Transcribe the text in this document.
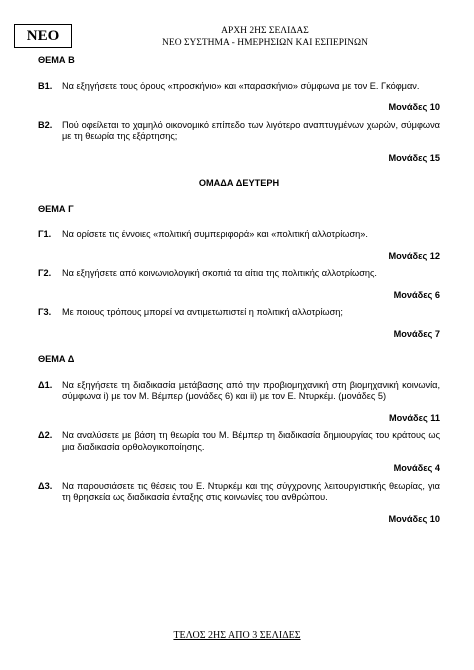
NEO	ΑΡΧΗ 2ΗΣ ΣΕΛΙΔΑΣ
ΝΕΟ ΣΥΣΤΗΜΑ - ΗΜΕΡΗΣΙΩΝ ΚΑΙ ΕΣΠΕΡΙΝΩΝ

ΘΕΜΑ Β

Β1.	Να εξηγήσετε τους όρους «προσκήνιο» και «παρασκήνιο» σύμφωνα με τον Ε. Γκόφμαν.
Μονάδες 10
Β2.	Πού οφείλεται το χαμηλό οικονομικό επίπεδο των λιγότερο αναπτυγμένων χωρών, σύμφωνα με τη θεωρία της εξάρτησης;
Μονάδες 15
ΟΜΑΔΑ ΔΕΥΤΕΡΗ

ΘΕΜΑ Γ

Γ1.	Να ορίσετε τις έννοιες «πολιτική συμπεριφορά» και «πολιτική αλλοτρίωση».
Μονάδες 12
Γ2.	Να εξηγήσετε από κοινωνιολογική σκοπιά τα αίτια της πολιτικής αλλοτρίωσης.
Μονάδες 6
Γ3.	Με ποιους τρόπους μπορεί να αντιμετωπιστεί η πολιτική αλλοτρίωση;
Μονάδες 7

ΘΕΜΑ Δ

Δ1.	Να εξηγήσετε τη διαδικασία μετάβασης από την προβιομηχανική στη βιομηχανική κοινωνία, σύμφωνα i) με τον Μ. Βέμπερ (μονάδες 6) και ii) με τον Ε. Ντυρκέμ. (μονάδες 5)
Μονάδες 11
Δ2.	Να αναλύσετε με βάση τη θεωρία του Μ. Βέμπερ τη διαδικασία δημιουργίας του κράτους ως μια διαδικασία ορθολογικοποίησης.
Μονάδες 4
Δ3.	Να παρουσιάσετε τις θέσεις του Ε. Ντυρκέμ και της σύγχρονης λειτουργιστικής θεωρίας, για τη θρησκεία ως διαδικασία ένταξης στις κοινωνίες του ανθρώπου.
Μονάδες 10
ΤΕΛΟΣ 2ΗΣ ΑΠΟ 3 ΣΕΛΙΔΕΣ
